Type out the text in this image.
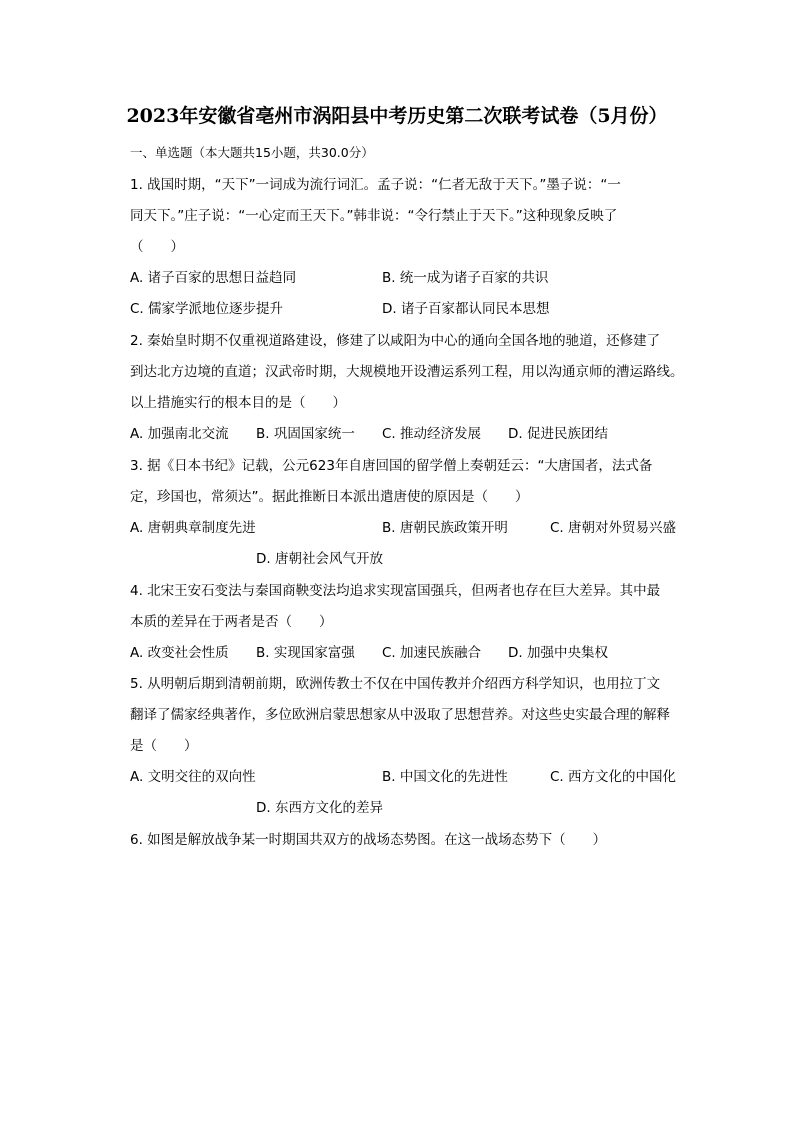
2023年安徽省亳州市涡阳县中考历史第二次联考试卷（5月份）
一、单选题（本大题共15小题，共30.0分）
1. 战国时期，“天下”一词成为流行词汇。孟子说：“仁者无敌于天下。”墨子说：“一
同天下。”庄子说：“一心定而王天下。”韩非说：“令行禁止于天下。”这种现象反映了
（　　）
A. 诸子百家的思想日益趋同	B. 统一成为诸子百家的共识
C. 儒家学派地位逐步提升	D. 诸子百家都认同民本思想
2. 秦始皇时期不仅重视道路建设，修建了以咸阳为中心的通向全国各地的驰道，还修建了
到达北方边境的直道；汉武帝时期，大规模地开设漕运系列工程，用以沟通京师的漕运路线。
以上措施实行的根本目的是（　　）
A. 加强南北交流 B. 巩固国家统一 C. 推动经济发展 D. 促进民族团结
3. 据《日本书纪》记载，公元623年自唐回国的留学僧上奏朝廷云：“大唐国者，法式备
定，珍国也，常须达”。据此推断日本派出遣唐使的原因是（　　）
A. 唐朝典章制度先进	B. 唐朝民族政策开明	C. 唐朝对外贸易兴盛
D. 唐朝社会风气开放
4. 北宋王安石变法与秦国商鞅变法均追求实现富国强兵，但两者也存在巨大差异。其中最
本质的差异在于两者是否（　　）
A. 改变社会性质 B. 实现国家富强 C. 加速民族融合 D. 加强中央集权
5. 从明朝后期到清朝前期，欧洲传教士不仅在中国传教并介绍西方科学知识，也用拉丁文
翻译了儒家经典著作，多位欧洲启蒙思想家从中汲取了思想营养。对这些史实最合理的解释
是（　　）
A. 文明交往的双向性	B. 中国文化的先进性	C. 西方文化的中国化
D. 东西方文化的差异
6. 如图是解放战争某一时期国共双方的战场态势图。在这一战场态势下（　　）
